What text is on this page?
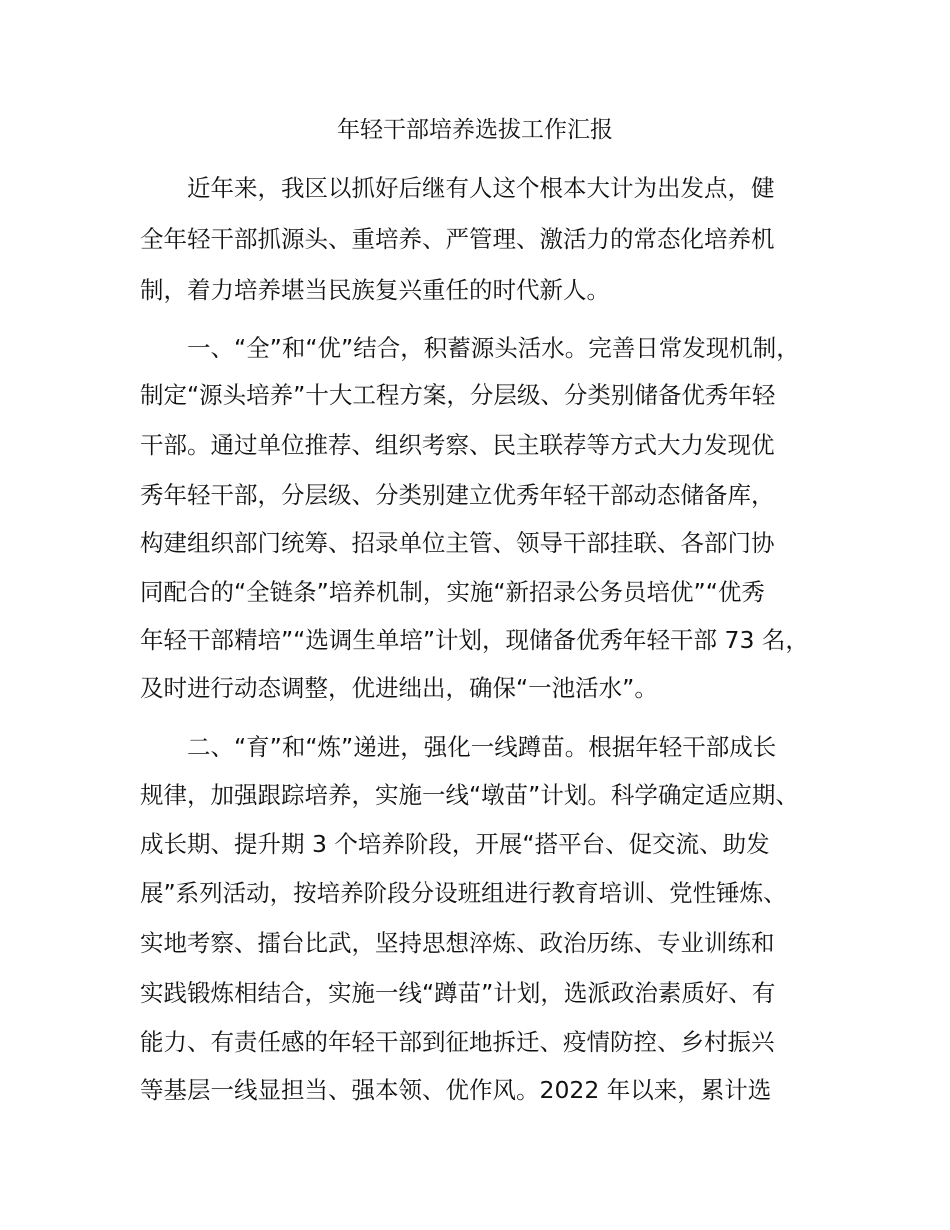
年轻干部培养选拔工作汇报

近年来，我区以抓好后继有人这个根本大计为出发点，健

全年轻干部抓源头、重培养、严管理、激活力的常态化培养机

制，着力培养堪当民族复兴重任的时代新人。

一、“全”和“优”结合，积蓄源头活水。完善日常发现机制，

制定“源头培养”十大工程方案，分层级、分类别储备优秀年轻

干部。通过单位推荐、组织考察、民主联荐等方式大力发现优

秀年轻干部，分层级、分类别建立优秀年轻干部动态储备库，

构建组织部门统筹、招录单位主管、领导干部挂联、各部门协

同配合的“全链条”培养机制，实施“新招录公务员培优”“优秀

年轻干部精培”“选调生单培”计划，现储备优秀年轻干部 73 名，

及时进行动态调整，优进绌出，确保“一池活水”。

二、“育”和“炼”递进，强化一线蹲苗。根据年轻干部成长

规律，加强跟踪培养，实施一线“墩苗”计划。科学确定适应期、

成长期、提升期 3 个培养阶段，开展“搭平台、促交流、助发

展”系列活动，按培养阶段分设班组进行教育培训、党性锤炼、

实地考察、擂台比武，坚持思想淬炼、政治历练、专业训练和

实践锻炼相结合，实施一线“蹲苗”计划，选派政治素质好、有

能力、有责任感的年轻干部到征地拆迁、疫情防控、乡村振兴

等基层一线显担当、强本领、优作风。2022 年以来，累计选
